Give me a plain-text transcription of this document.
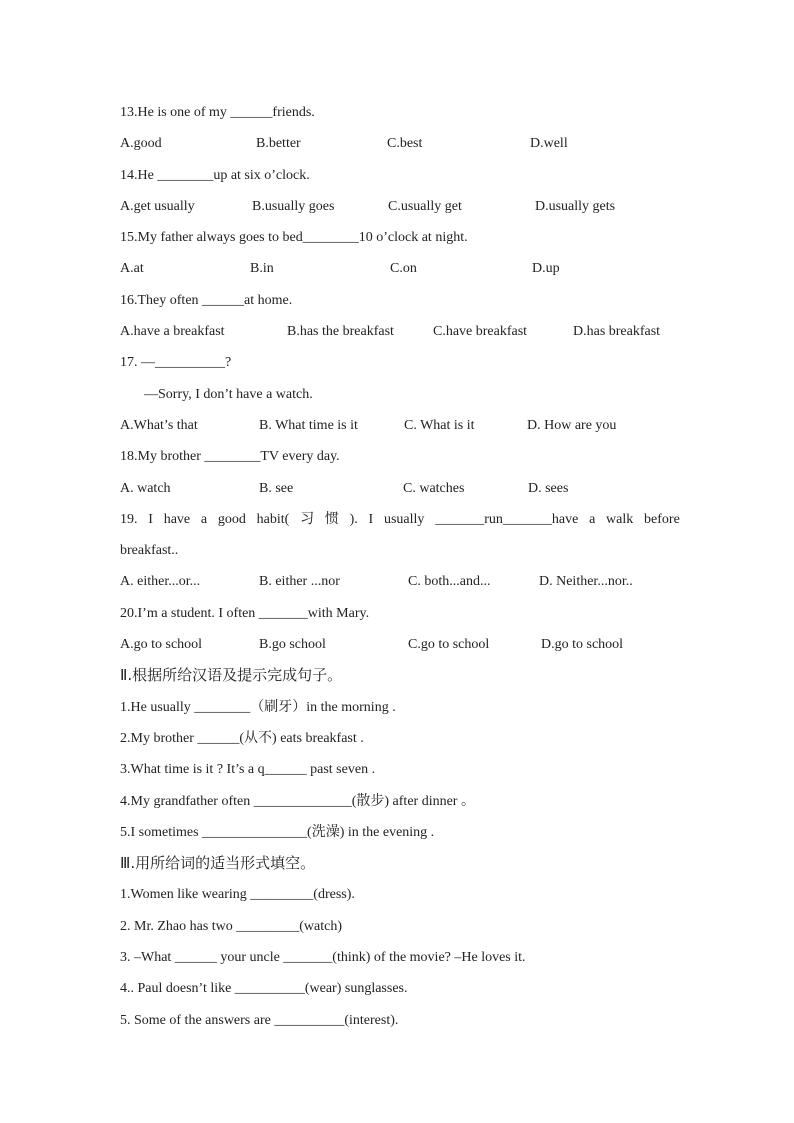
13.He is one of my ______friends.
A.good	B.better	C.best	D.well
14.He ________up at six o’clock.
A.get usually	B.usually goes	C.usually get	D.usually gets
15.My father always goes to bed________10 o’clock at night.
A.at	B.in	C.on	D.up
16.They often ______at home.
A.have a breakfast	B.has the breakfast	C.have breakfast	D.has breakfast
17. —__________?
—Sorry, I don’t have a watch.
A.What’s that	B. What time is it	C. What is it	D. How are you
18.My brother ________TV every day.
A. watch	B. see	C. watches	D. sees
19. I have a good habit( 习 惯 ). I usually _______run_______have a walk before
breakfast..
A. either...or...	B. either ...nor	C. both...and...	D. Neither...nor..
20.I’m a student. I often _______with Mary.
A.go to school	B.go school	C.go to school	D.go to school
Ⅱ.根据所给汉语及提示完成句子。
1.He usually ________（刷牙）in the morning .
2.My brother ______(从不) eats breakfast .
3.What time is it ? It’s a q______ past seven .
4.My grandfather often ______________(散步) after dinner 。
5.I sometimes _______________(洗澡) in the evening .
Ⅲ.用所给词的适当形式填空。
1.Women like wearing _________(dress).
2. Mr. Zhao has two _________(watch)
3. –What ______ your uncle _______(think) of the movie? –He loves it.
4.. Paul doesn’t like __________(wear) sunglasses.
5. Some of the answers are __________(interest).
